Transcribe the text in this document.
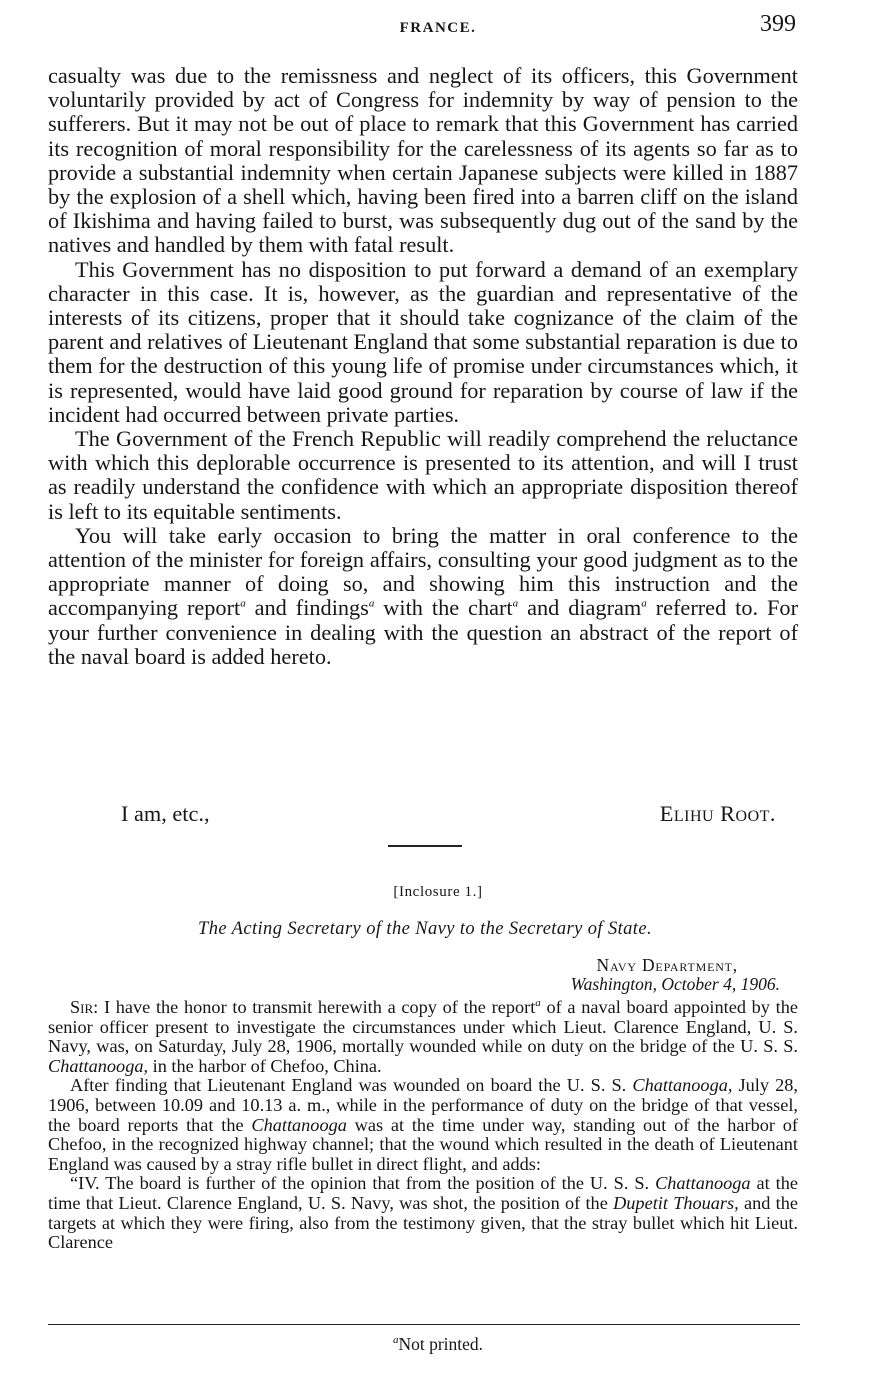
FRANCE.	399

casualty was due to the remissness and neglect of its officers, this Government voluntarily provided by act of Congress for indemnity by way of pension to the sufferers. But it may not be out of place to remark that this Government has carried its recognition of moral responsibility for the carelessness of its agents so far as to provide a substantial indemnity when certain Japanese subjects were killed in 1887 by the explosion of a shell which, having been fired into a barren cliff on the island of Ikishima and having failed to burst, was subsequently dug out of the sand by the natives and handled by them with fatal result.

This Government has no disposition to put forward a demand of an exemplary character in this case. It is, however, as the guardian and representative of the interests of its citizens, proper that it should take cognizance of the claim of the parent and relatives of Lieutenant England that some substantial reparation is due to them for the destruction of this young life of promise under circumstances which, it is represented, would have laid good ground for reparation by course of law if the incident had occurred between private parties.

The Government of the French Republic will readily comprehend the reluctance with which this deplorable occurrence is presented to its attention, and will I trust as readily understand the confidence with which an appropriate disposition thereof is left to its equitable sentiments.

You will take early occasion to bring the matter in oral conference to the attention of the minister for foreign affairs, consulting your good judgment as to the appropriate manner of doing so, and showing him this instruction and the accompanying report$^a$ and findings$^a$ with the chart$^a$ and diagram$^a$ referred to. For your further convenience in dealing with the question an abstract of the report of the naval board is added hereto.

I am, etc.,	Elihu Root.
[Inclosure 1.]
The Acting Secretary of the Navy to the Secretary of State.
Navy Department,
Washington, October 4, 1906.

Sir: I have the honor to transmit herewith a copy of the report$^a$ of a naval board appointed by the senior officer present to investigate the circumstances under which Lieut. Clarence England, U. S. Navy, was, on Saturday, July 28, 1906, mortally wounded while on duty on the bridge of the U. S. S. Chattanooga, in the harbor of Chefoo, China.

After finding that Lieutenant England was wounded on board the U. S. S. Chattanooga, July 28, 1906, between 10.09 and 10.13 a. m., while in the performance of duty on the bridge of that vessel, the board reports that the Chattanooga was at the time under way, standing out of the harbor of Chefoo, in the recognized highway channel; that the wound which resulted in the death of Lieutenant England was caused by a stray rifle bullet in direct flight, and adds:

“IV. The board is further of the opinion that from the position of the U. S. S. Chattanooga at the time that Lieut. Clarence England, U. S. Navy, was shot, the position of the Dupetit Thouars, and the targets at which they were firing, also from the testimony given, that the stray bullet which hit Lieut. Clarence

$^a$Not printed.
